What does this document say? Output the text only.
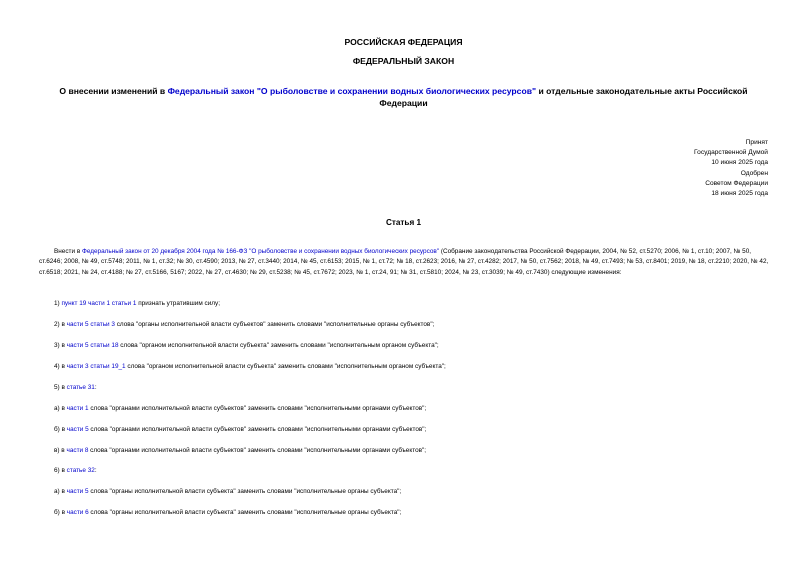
РОССИЙСКАЯ ФЕДЕРАЦИЯ
ФЕДЕРАЛЬНЫЙ ЗАКОН
О внесении изменений в Федеральный закон "О рыболовстве и сохранении водных биологических ресурсов" и отдельные законодательные акты Российской Федерации
Принят
Государственной Думой
10 июня 2025 года
Одобрен
Советом Федерации
18 июня 2025 года
Статья 1
Внести в Федеральный закон от 20 декабря 2004 года № 166-ФЗ "О рыболовстве и сохранении водных биологических ресурсов" (Собрание законодательства Российской Федерации, 2004, № 52, ст.5270; 2006, № 1, ст.10; 2007, № 50, ст.6246; 2008, № 49, ст.5748; 2011, № 1, ст.32; № 30, ст.4590; 2013, № 27, ст.3440; 2014, № 45, ст.6153; 2015, № 1, ст.72; № 18, ст.2623; 2016, № 27, ст.4282; 2017, № 50, ст.7562; 2018, № 49, ст.7493; № 53, ст.8401; 2019, № 18, ст.2210; 2020, № 42, ст.6518; 2021, № 24, ст.4188; № 27, ст.5166, 5167; 2022, № 27, ст.4630; № 29, ст.5238; № 45, ст.7672; 2023, № 1, ст.24, 91; № 31, ст.5810; 2024, № 23, ст.3039; № 49, ст.7430) следующие изменения:
1) пункт 19 части 1 статьи 1 признать утратившим силу;
2) в части 5 статьи 3 слова "органы исполнительной власти субъектов" заменить словами "исполнительные органы субъектов";
3) в части 5 статьи 18 слова "органом исполнительной власти субъекта" заменить словами "исполнительным органом субъекта";
4) в части 3 статьи 19_1 слова "органом исполнительной власти субъекта" заменить словами "исполнительным органом субъекта";
5) в статье 31:
а) в части 1 слова "органами исполнительной власти субъектов" заменить словами "исполнительными органами субъектов";
б) в части 5 слова "органами исполнительной власти субъектов" заменить словами "исполнительными органами субъектов";
в) в части 8 слова "органами исполнительной власти субъектов" заменить словами "исполнительными органами субъектов";
6) в статье 32:
а) в части 5 слова "органы исполнительной власти субъекта" заменить словами "исполнительные органы субъекта";
б) в части 6 слова "органы исполнительной власти субъекта" заменить словами "исполнительные органы субъекта";
